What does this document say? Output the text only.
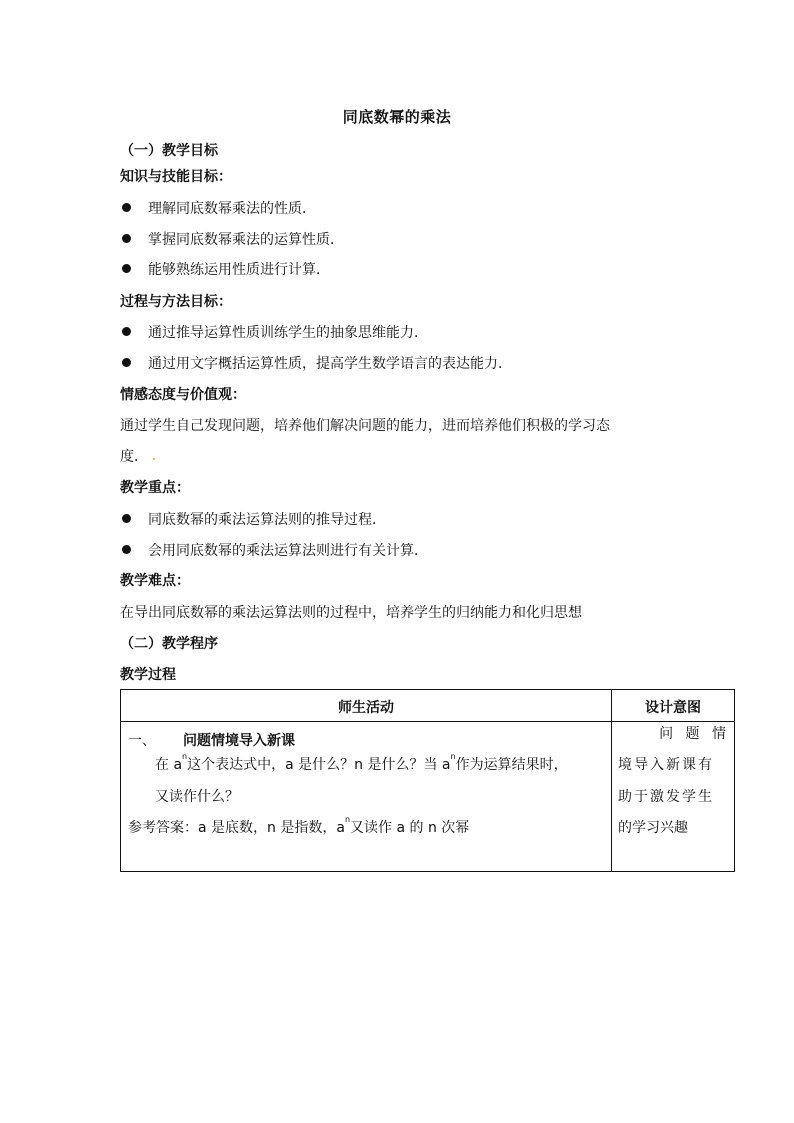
同底数幂的乘法
（一）教学目标
知识与技能目标：
理解同底数幂乘法的性质．
掌握同底数幂乘法的运算性质．
能够熟练运用性质进行计算．
过程与方法目标：
通过推导运算性质训练学生的抽象思维能力．
通过用文字概括运算性质，提高学生数学语言的表达能力．
情感态度与价值观：
通过学生自己发现问题，培养他们解决问题的能力，进而培养他们积极的学习态
度．
教学重点：
同底数幂的乘法运算法则的推导过程．
会用同底数幂的乘法运算法则进行有关计算．
教学难点：
在导出同底数幂的乘法运算法则的过程中，培养学生的归纳能力和化归思想
（二）教学程序
教学过程
师生活动	设计意图
一、 问题情境导入新课
在 $a^n$这个表达式中，a 是什么？n 是什么？当 $a^n$作为运算结果时，
又读作什么？
参考答案：a 是底数，n 是指数，$a^n$又读作 a 的 n 次幂
问 题 情
境导入新课有
助于激发学生
的学习兴趣
